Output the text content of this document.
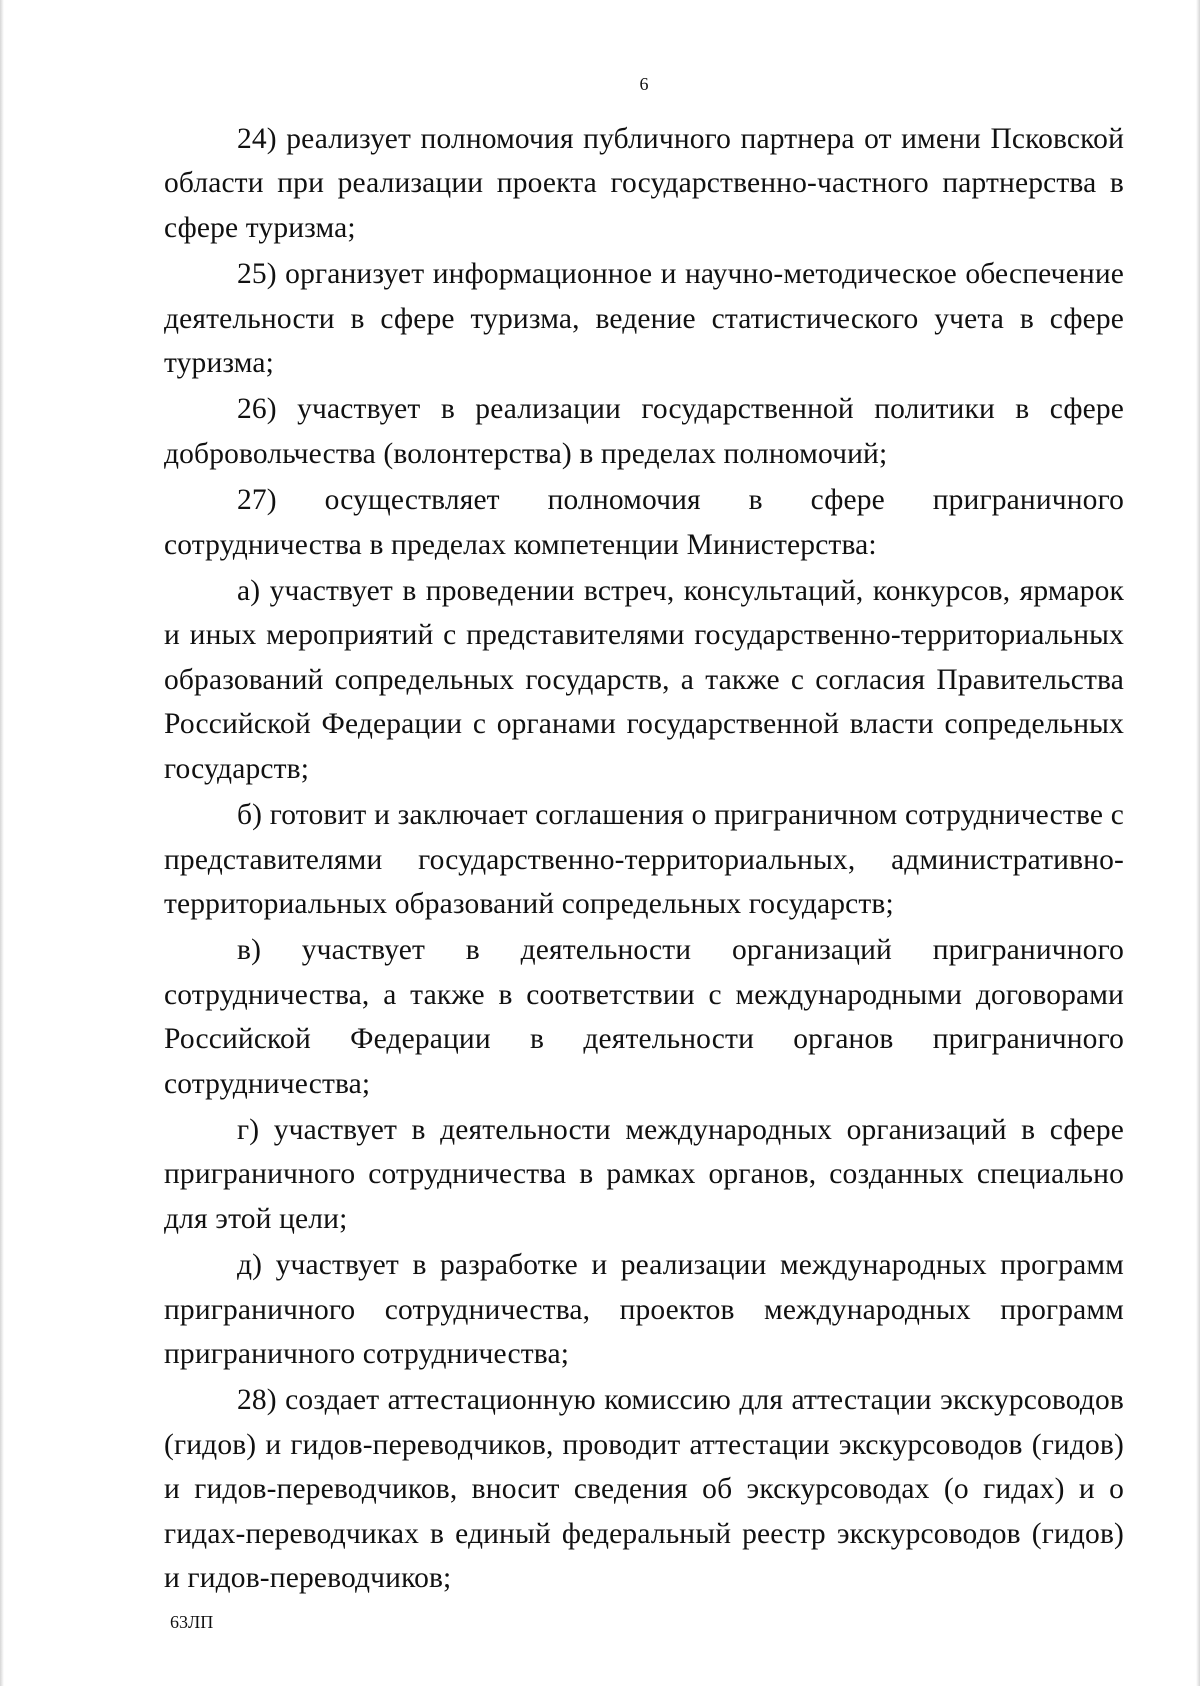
6

24) реализует полномочия публичного партнера от имени Псковской области при реализации проекта государственно-частного партнерства в сфере туризма;

25) организует информационное и научно-методическое обеспечение деятельности в сфере туризма, ведение статистического учета в сфере туризма;

26) участвует в реализации государственной политики в сфере добровольчества (волонтерства) в пределах полномочий;

27) осуществляет полномочия в сфере приграничного сотрудничества в пределах компетенции Министерства:

а) участвует в проведении встреч, консультаций, конкурсов, ярмарок и иных мероприятий с представителями государственно-территориальных образований сопредельных государств, а также с согласия Правительства Российской Федерации с органами государственной власти сопредельных государств;

б) готовит и заключает соглашения о приграничном сотрудничестве с представителями государственно-территориальных, административно-территориальных образований сопредельных государств;

в) участвует в деятельности организаций приграничного сотрудничества, а также в соответствии с международными договорами Российской Федерации в деятельности органов приграничного сотрудничества;

г) участвует в деятельности международных организаций в сфере приграничного сотрудничества в рамках органов, созданных специально для этой цели;

д) участвует в разработке и реализации международных программ приграничного сотрудничества, проектов международных программ приграничного сотрудничества;

28) создает аттестационную комиссию для аттестации экскурсоводов (гидов) и гидов-переводчиков, проводит аттестации экскурсоводов (гидов) и гидов-переводчиков, вносит сведения об экскурсоводах (о гидах) и о гидах-переводчиках в единый федеральный реестр экскурсоводов (гидов) и гидов-переводчиков;

63ЛП
